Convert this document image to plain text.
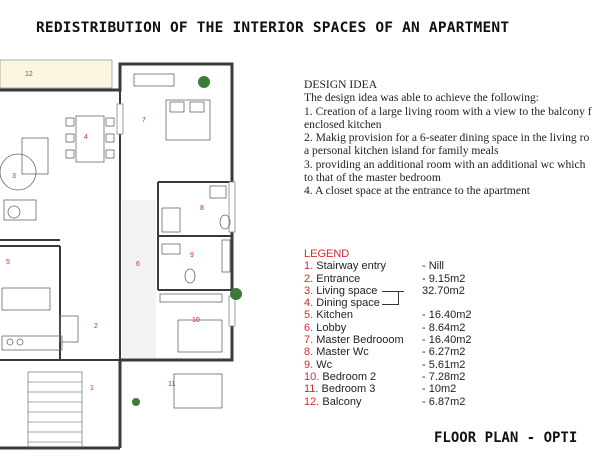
REDISTRIBUTION OF THE INTERIOR SPACES OF AN APARTMENT
1
2
3
4
5	6
7
8
9
10
11
12
DESIGN IDEA
The design idea was able to achieve the following:
1. Creation of a large living room with a view to the balcony f
enclosed kitchen
2. Makig provision for a 6-seater dining space in the living ro
a personal kitchen island for family meals
3. providing an additional room with an additional wc which
to that of the master bedroom
4. A closet space at the entrance to the apartment
LEGEND
1. Stairway entry	- Nill
2. Entrance	- 9.15m2
3. Living space	32.70m2
4. Dining space
5. Kitchen	- 16.40m2
6. Lobby	- 8.64m2
7. Master Bedrooom - 16.40m2
8. Master Wc	- 6.27m2
9. Wc	- 5.61m2
10. Bedroom 2	- 7.28m2
11. Bedroom 3	- 10m2
12. Balcony	- 6.87m2
FLOOR PLAN - OPTI
